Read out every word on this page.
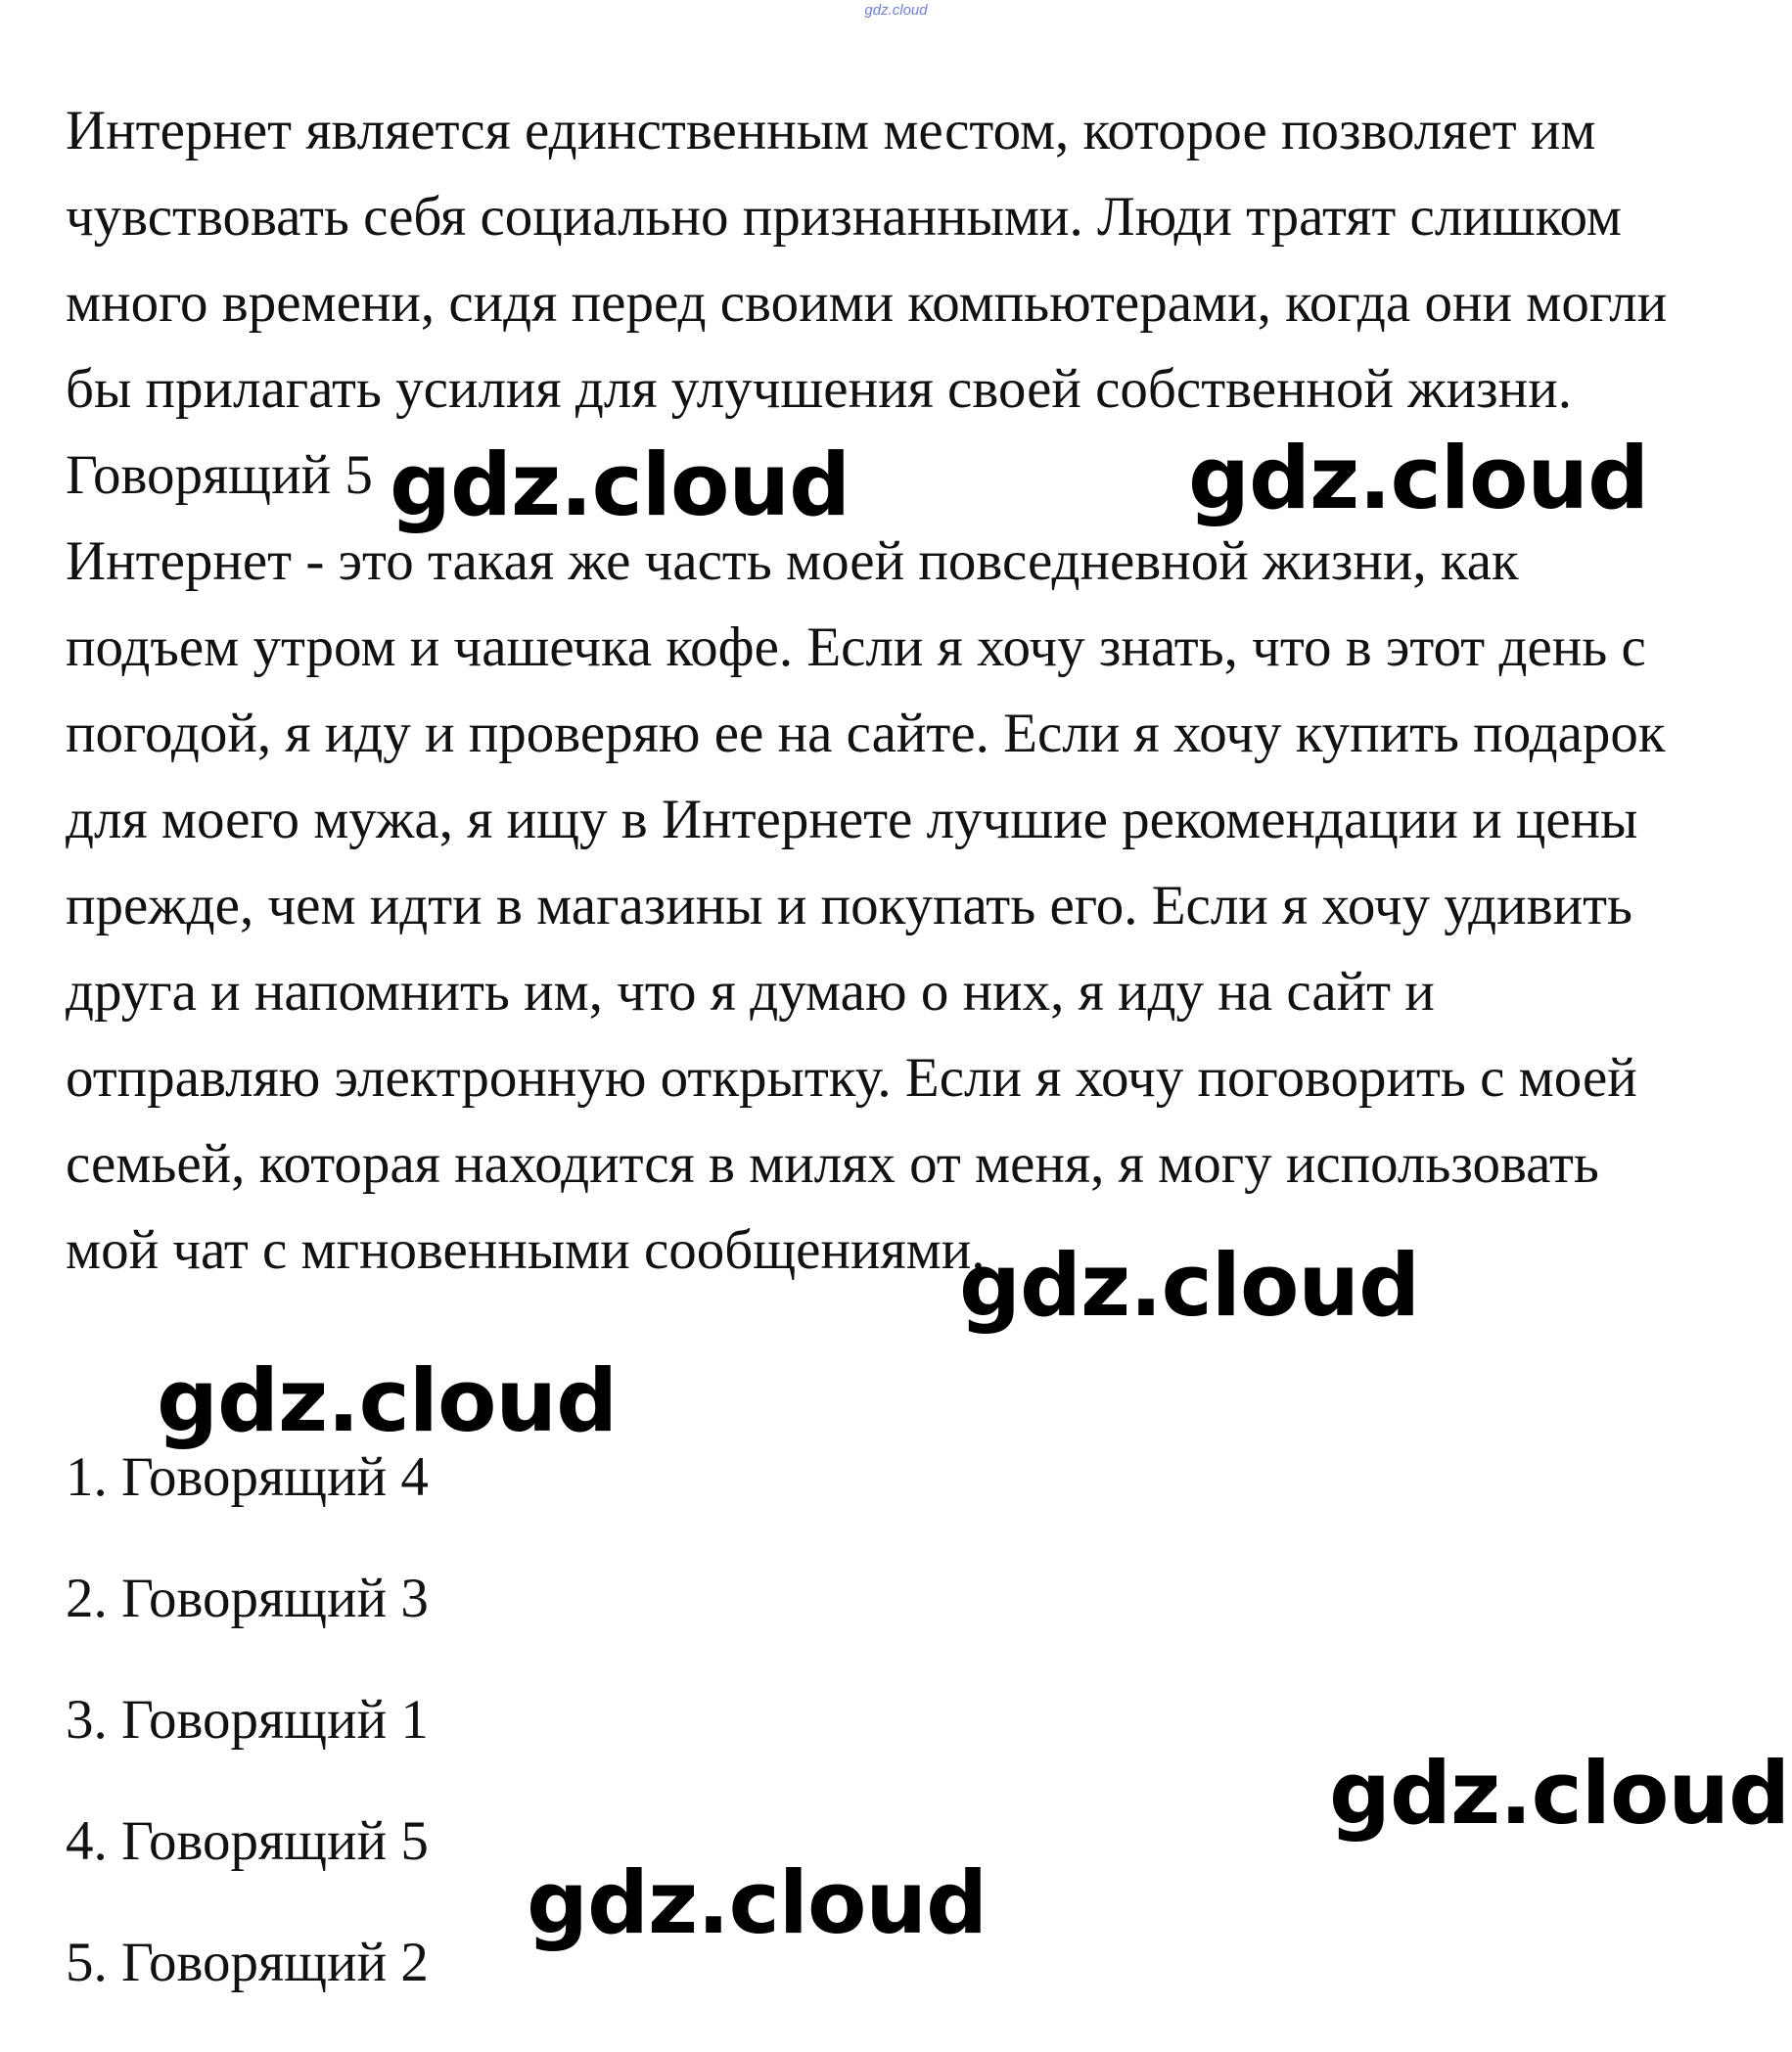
gdz.cloud
Интернет является единственным местом, которое позволяет им
чувствовать себя социально признанными. Люди тратят слишком
много времени, сидя перед своими компьютерами, когда они могли
бы прилагать усилия для улучшения своей собственной жизни.
Говорящий 5
Интернет - это такая же часть моей повседневной жизни, как
подъем утром и чашечка кофе. Если я хочу знать, что в этот день с
погодой, я иду и проверяю ее на сайте. Если я хочу купить подарок
для моего мужа, я ищу в Интернете лучшие рекомендации и цены
прежде, чем идти в магазины и покупать его. Если я хочу удивить
друга и напомнить им, что я думаю о них, я иду на сайт и
отправляю электронную открытку. Если я хочу поговорить с моей
семьей, которая находится в милях от меня, я могу использовать
мой чат с мгновенными сообщениями.
1. Говорящий 4
2. Говорящий 3
3. Говорящий 1
4. Говорящий 5
5. Говорящий 2
gdz.cloud	gdz.cloud
gdz.cloud
gdz.cloud
gdz.cloud
gdz.cloud
